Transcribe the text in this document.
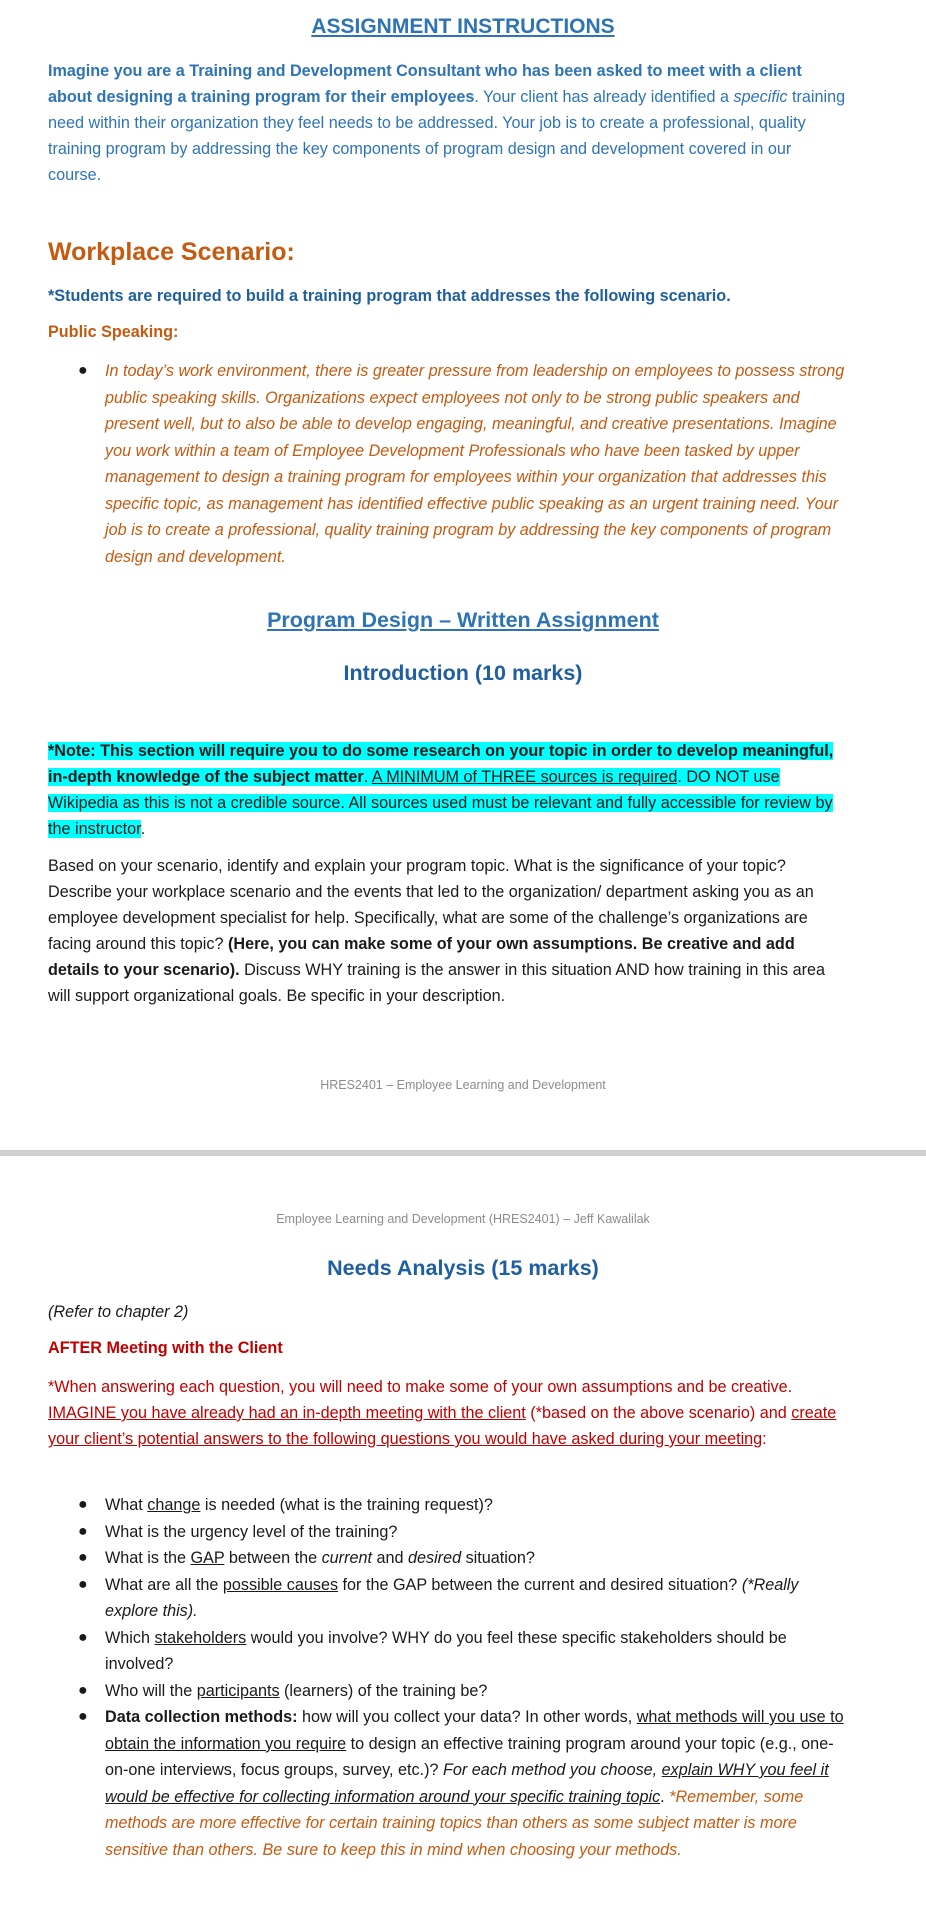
ASSIGNMENT INSTRUCTIONS
Imagine you are a Training and Development Consultant who has been asked to meet with a client about designing a training program for their employees. Your client has already identified a specific training need within their organization they feel needs to be addressed. Your job is to create a professional, quality training program by addressing the key components of program design and development covered in our course.
Workplace Scenario:
*Students are required to build a training program that addresses the following scenario.
Public Speaking:
● In today’s work environment, there is greater pressure from leadership on employees to possess strong public speaking skills. Organizations expect employees not only to be strong public speakers and present well, but to also be able to develop engaging, meaningful, and creative presentations. Imagine you work within a team of Employee Development Professionals who have been tasked by upper management to design a training program for employees within your organization that addresses this specific topic, as management has identified effective public speaking as an urgent training need. Your job is to create a professional, quality training program by addressing the key components of program design and development.
Program Design – Written Assignment
Introduction (10 marks)
*Note: This section will require you to do some research on your topic in order to develop meaningful, in-depth knowledge of the subject matter. A MINIMUM of THREE sources is required. DO NOT use Wikipedia as this is not a credible source. All sources used must be relevant and fully accessible for review by the instructor.
Based on your scenario, identify and explain your program topic. What is the significance of your topic? Describe your workplace scenario and the events that led to the organization/ department asking you as an employee development specialist for help. Specifically, what are some of the challenge’s organizations are facing around this topic? (Here, you can make some of your own assumptions. Be creative and add details to your scenario). Discuss WHY training is the answer in this situation AND how training in this area will support organizational goals. Be specific in your description.
HRES2401 – Employee Learning and Development
Employee Learning and Development (HRES2401) – Jeff Kawalilak
Needs Analysis (15 marks)
(Refer to chapter 2)
AFTER Meeting with the Client
*When answering each question, you will need to make some of your own assumptions and be creative. IMAGINE you have already had an in-depth meeting with the client (*based on the above scenario) and create your client’s potential answers to the following questions you would have asked during your meeting:
● What change is needed (what is the training request)?
● What is the urgency level of the training?
● What is the GAP between the current and desired situation?
● What are all the possible causes for the GAP between the current and desired situation? (*Really explore this).
● Which stakeholders would you involve? WHY do you feel these specific stakeholders should be involved?
● Who will the participants (learners) of the training be?
● Data collection methods: how will you collect your data? In other words, what methods will you use to obtain the information you require to design an effective training program around your topic (e.g., one-on-one interviews, focus groups, survey, etc.)? For each method you choose, explain WHY you feel it would be effective for collecting information around your specific training topic. *Remember, some methods are more effective for certain training topics than others as some subject matter is more sensitive than others. Be sure to keep this in mind when choosing your methods.
